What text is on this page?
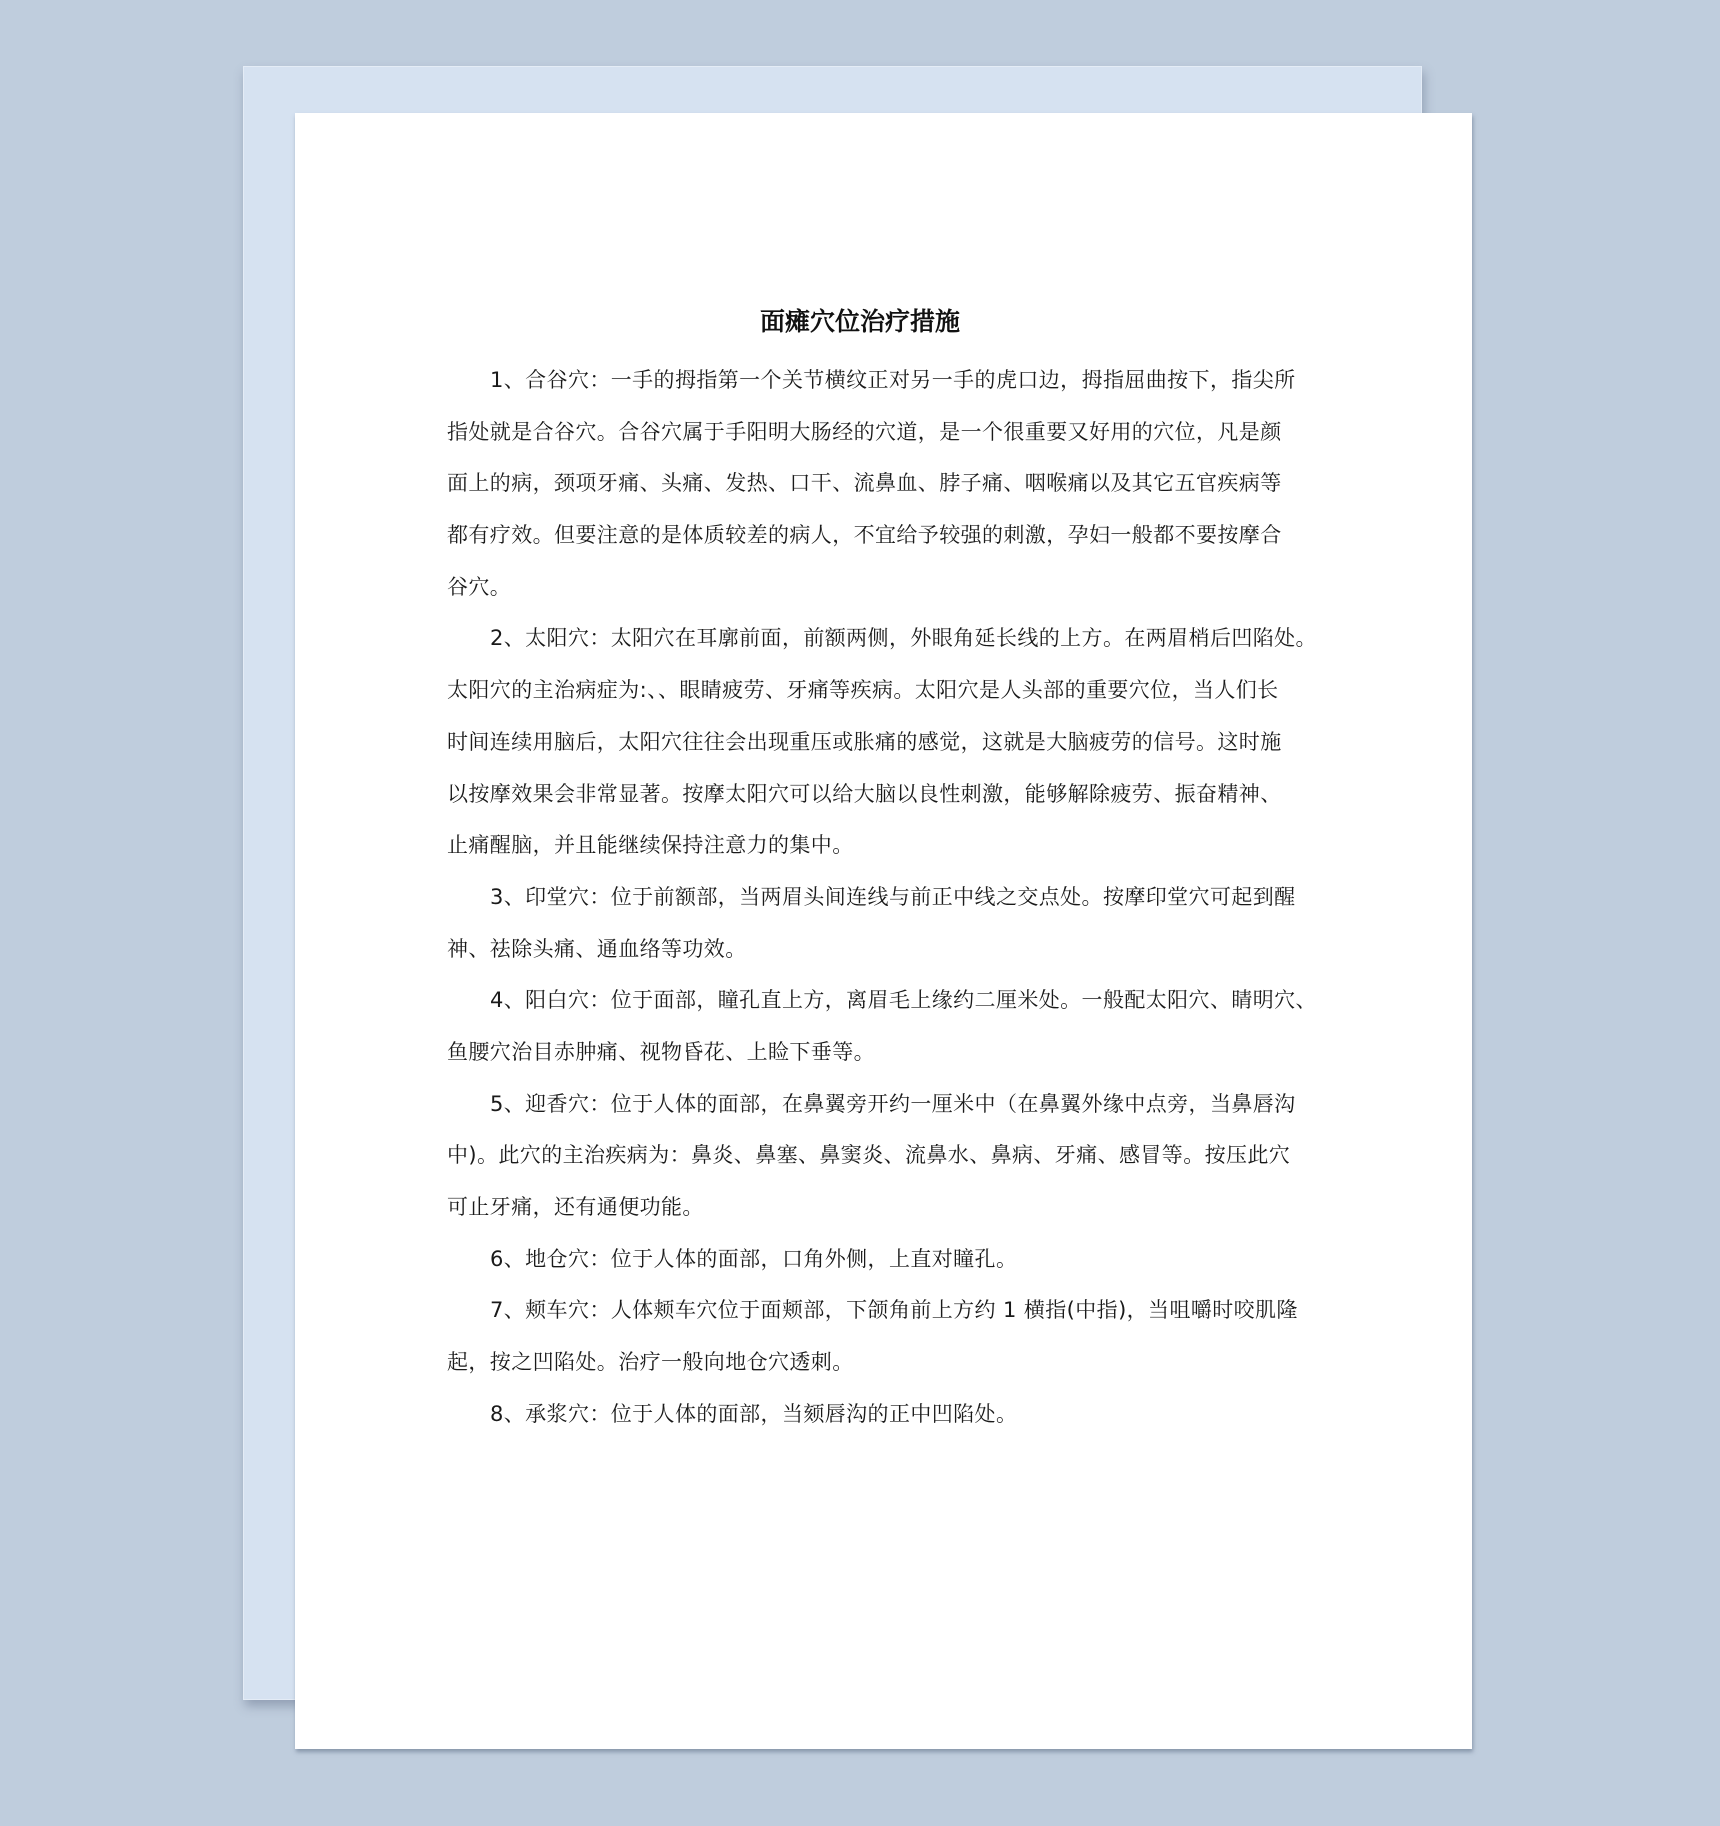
面瘫穴位治疗措施
1、合谷穴：一手的拇指第一个关节横纹正对另一手的虎口边，拇指屈曲按下，指尖所
指处就是合谷穴。合谷穴属于手阳明大肠经的穴道，是一个很重要又好用的穴位，凡是颜
面上的病，颈项牙痛、头痛、发热、口干、流鼻血、脖子痛、咽喉痛以及其它五官疾病等
都有疗效。但要注意的是体质较差的病人，不宜给予较强的刺激，孕妇一般都不要按摩合
谷穴。
2、太阳穴：太阳穴在耳廓前面，前额两侧，外眼角延长线的上方。在两眉梢后凹陷处。
太阳穴的主治病症为:、、眼睛疲劳、牙痛等疾病。太阳穴是人头部的重要穴位，当人们长
时间连续用脑后，太阳穴往往会出现重压或胀痛的感觉，这就是大脑疲劳的信号。这时施
以按摩效果会非常显著。按摩太阳穴可以给大脑以良性刺激，能够解除疲劳、振奋精神、
止痛醒脑，并且能继续保持注意力的集中。
3、印堂穴：位于前额部，当两眉头间连线与前正中线之交点处。按摩印堂穴可起到醒
神、祛除头痛、通血络等功效。
4、阳白穴：位于面部，瞳孔直上方，离眉毛上缘约二厘米处。一般配太阳穴、睛明穴、
鱼腰穴治目赤肿痛、视物昏花、上睑下垂等。
5、迎香穴：位于人体的面部，在鼻翼旁开约一厘米中（在鼻翼外缘中点旁，当鼻唇沟
中)。此穴的主治疾病为：鼻炎、鼻塞、鼻窦炎、流鼻水、鼻病、牙痛、感冒等。按压此穴
可止牙痛，还有通便功能。
6、地仓穴：位于人体的面部，口角外侧，上直对瞳孔。
7、颊车穴：人体颊车穴位于面颊部，下颌角前上方约 1 横指(中指)，当咀嚼时咬肌隆
起，按之凹陷处。治疗一般向地仓穴透刺。
8、承浆穴：位于人体的面部，当颏唇沟的正中凹陷处。
